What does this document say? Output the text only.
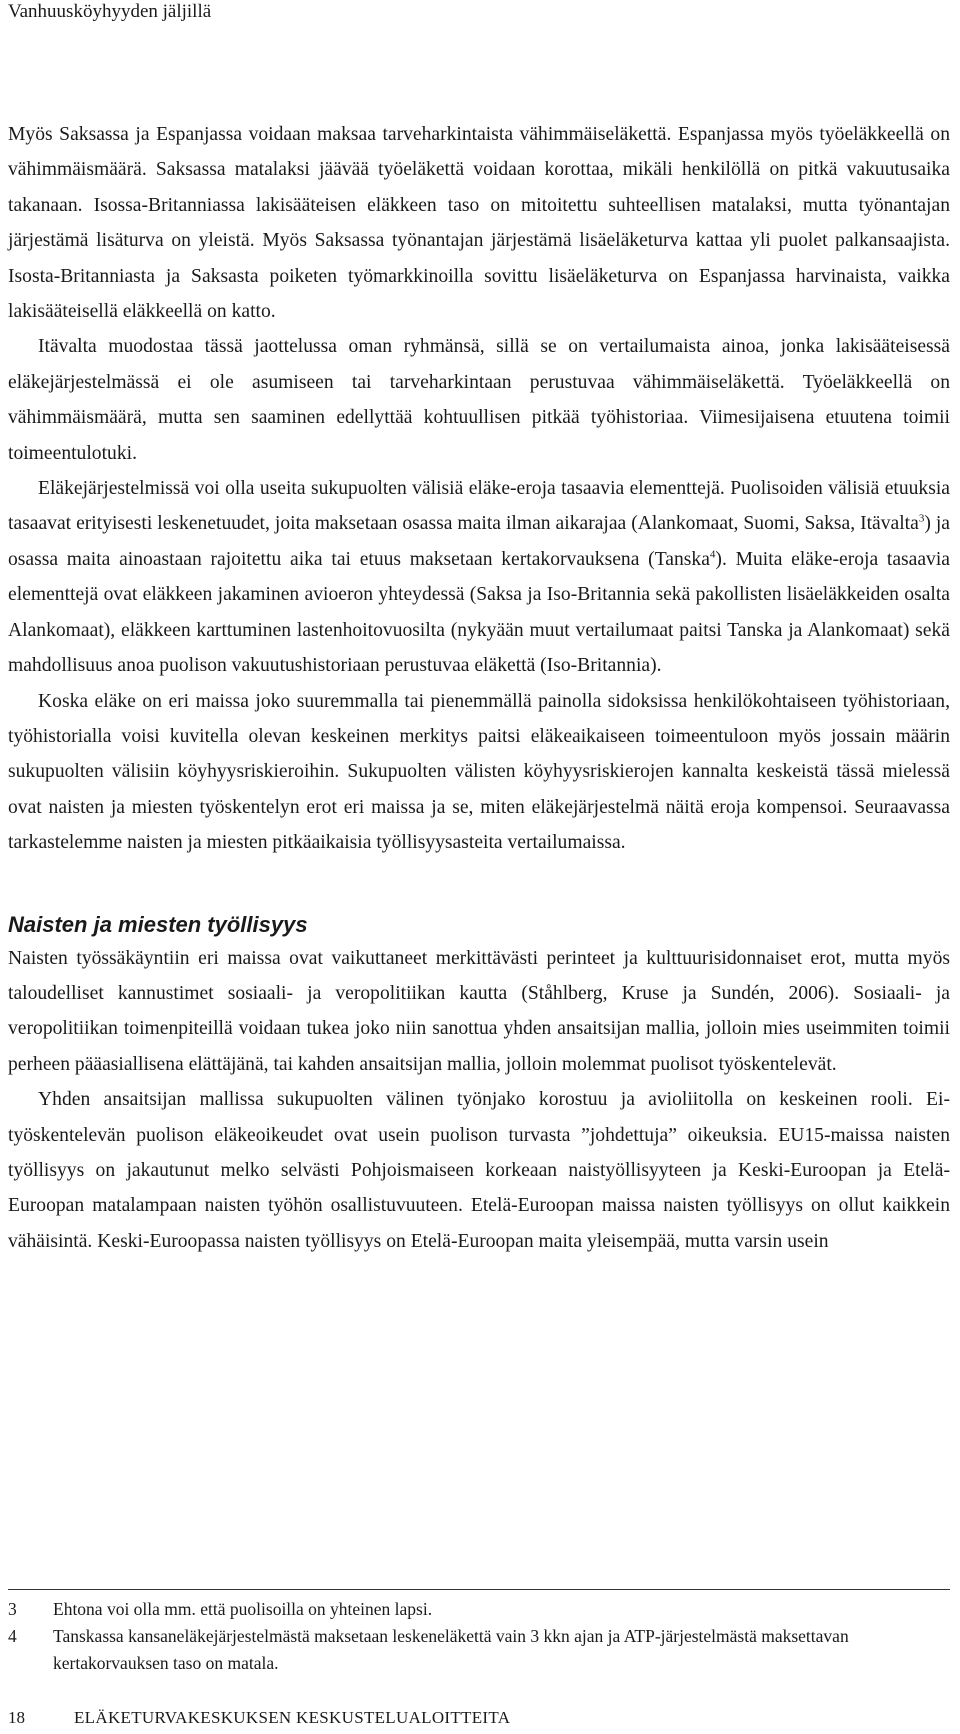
Vanhuusköyhyyden jäljillä

Myös Saksassa ja Espanjassa voidaan maksaa tarveharkintaista vähimmäiseläkettä. Espanjassa myös työeläkkeellä on vähimmäismäärä. Saksassa matalaksi jäävää työeläkettä voidaan korottaa, mikäli henkilöllä on pitkä vakuutusaika takanaan. Isossa-Britanniassa lakisääteisen eläkkeen taso on mitoitettu suhteellisen matalaksi, mutta työnantajan järjestämä lisäturva on yleistä. Myös Saksassa työnantajan järjestämä lisäeläketurva kattaa yli puolet palkansaajista. Isosta-Britanniasta ja Saksasta poiketen työmarkkinoilla sovittu lisäeläketurva on Espanjassa harvinaista, vaikka lakisääteisellä eläkkeellä on katto.

Itävalta muodostaa tässä jaottelussa oman ryhmänsä, sillä se on vertailumaista ainoa, jonka lakisääteisessä eläkejärjestelmässä ei ole asumiseen tai tarveharkintaan perustuvaa vähimmäiseläkettä. Työeläkkeellä on vähimmäismäärä, mutta sen saaminen edellyttää kohtuullisen pitkää työhistoriaa. Viimesijaisena etuutena toimii toimeentulotuki.

Eläkejärjestelmissä voi olla useita sukupuolten välisiä eläke-eroja tasaavia elementtejä. Puolisoiden välisiä etuuksia tasaavat erityisesti leskenetuudet, joita maksetaan osassa maita ilman aikarajaa (Alankomaat, Suomi, Saksa, Itävalta$^3$) ja osassa maita ainoastaan rajoitettu aika tai etuus maksetaan kertakorvauksena (Tanska$^4$). Muita eläke-eroja tasaavia elementtejä ovat eläkkeen jakaminen avioeron yhteydessä (Saksa ja Iso-Britannia sekä pakollisten lisäeläkkeiden osalta Alankomaat), eläkkeen karttuminen lastenhoitovuosilta (nykyään muut vertailumaat paitsi Tanska ja Alankomaat) sekä mahdollisuus anoa puolison vakuutushistoriaan perustuvaa eläkettä (Iso-Britannia).

Koska eläke on eri maissa joko suuremmalla tai pienemmällä painolla sidoksissa henkilökohtaiseen työhistoriaan, työhistorialla voisi kuvitella olevan keskeinen merkitys paitsi eläkeaikaiseen toimeentuloon myös jossain määrin sukupuolten välisiin köyhyysriskieroihin. Sukupuolten välisten köyhyysriskierojen kannalta keskeistä tässä mielessä ovat naisten ja miesten työskentelyn erot eri maissa ja se, miten eläkejärjestelmä näitä eroja kompensoi. Seuraavassa tarkastelemme naisten ja miesten pitkäaikaisia työllisyysasteita vertailumaissa.

Naisten ja miesten työllisyys

Naisten työssäkäyntiin eri maissa ovat vaikuttaneet merkittävästi perinteet ja kulttuurisidonnaiset erot, mutta myös taloudelliset kannustimet sosiaali- ja veropolitiikan kautta (Ståhlberg, Kruse ja Sundén, 2006). Sosiaali- ja veropolitiikan toimenpiteillä voidaan tukea joko niin sanottua yhden ansaitsijan mallia, jolloin mies useimmiten toimii perheen pääasiallisena elättäjänä, tai kahden ansaitsijan mallia, jolloin molemmat puolisot työskentelevät.

Yhden ansaitsijan mallissa sukupuolten välinen työnjako korostuu ja avioliitolla on keskeinen rooli. Ei-työskentelevän puolison eläkeoikeudet ovat usein puolison turvasta ”johdettuja” oikeuksia. EU15-maissa naisten työllisyys on jakautunut melko selvästi Pohjoismaiseen korkeaan naistyöllisyyteen ja Keski-Euroopan ja Etelä-Euroopan matalampaan naisten työhön osallistuvuuteen. Etelä-Euroopan maissa naisten työllisyys on ollut kaikkein vähäisintä. Keski-Euroopassa naisten työllisyys on Etelä-Euroopan maita yleisempää, mutta varsin usein

3	Ehtona voi olla mm. että puolisoilla on yhteinen lapsi.
4	Tanskassa kansaneläkejärjestelmästä maksetaan leskeneläkettä vain 3 kkn ajan ja ATP-järjestelmästä maksettavan kertakorvauksen taso on matala.
18	ELÄKETURVAKESKUKSEN KESKUSTELUALOITTEITA
